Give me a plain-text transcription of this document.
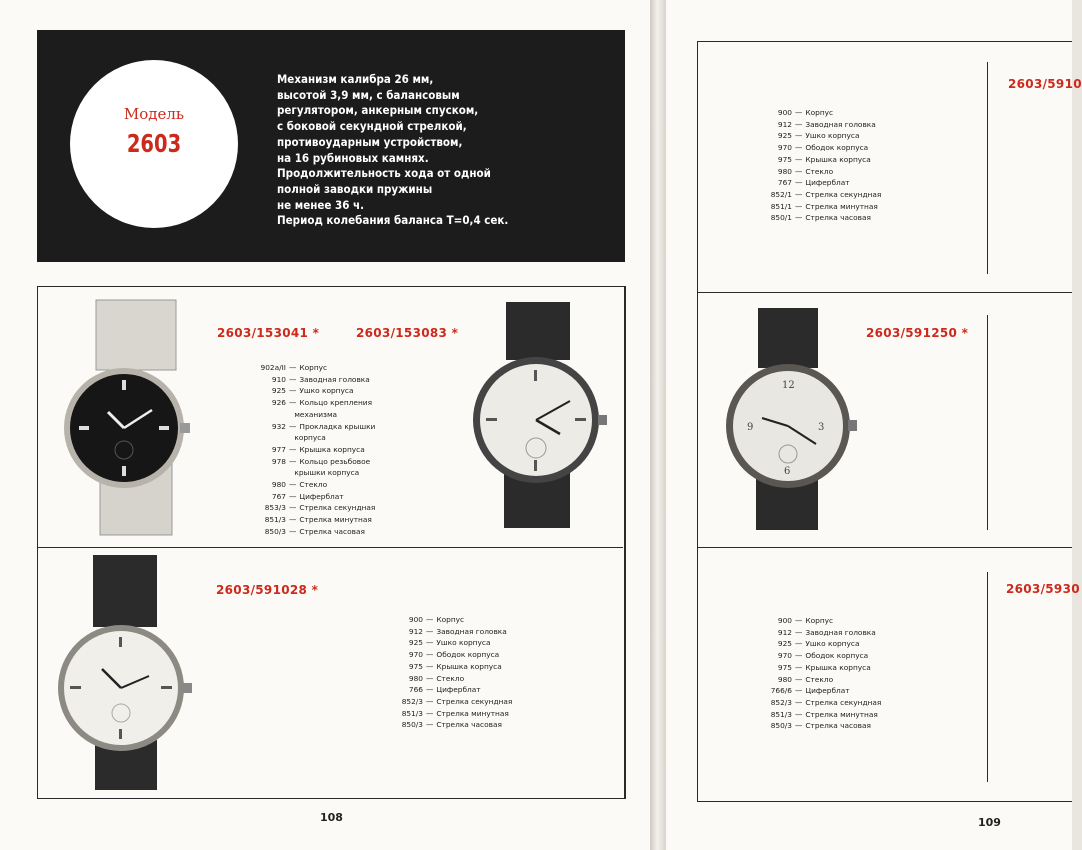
Модель
2603
Механизм калибра 26 мм,
высотой 3,9 мм, с балансовым
регулятором, анкерным спуском,
с боковой секундной стрелкой,
противоударным устройством,
на 16 рубиновых камнях.
Продолжительность хода от одной
полной заводки пружины
не менее 36 ч.
Период колебания баланса T=0,4 сек.
2603/153041 *	2603/153083 *
902а/II — Корпус
910 — Заводная головка
925 — Ушко корпуса
926 — Кольцо крепления

механизма
932 — Прокладка крышки

корпуса
977 — Крышка корпуса
978 — Кольцо резьбовое

крышки корпуса
980 — Стекло
767 — Циферблат
853/3 — Стрелка секундная
851/3 — Стрелка минутная
850/3 — Стрелка часовая
2603/591028 *
900 — Корпус
912 — Заводная головка
925 — Ушко корпуса
970 — Ободок корпуса
975 — Крышка корпуса
980 — Стекло
766 — Циферблат
852/3 — Стрелка секундная
851/3 — Стрелка минутная
850/3 — Стрелка часовая
108
2603/5910
900 — Корпус
912 — Заводная головка
925 — Ушко корпуса
970 — Ободок корпуса
975 — Крышка корпуса
980 — Стекло
767 — Циферблат
852/1 — Стрелка секундная
851/1 — Стрелка минутная
850/1 — Стрелка часовая
12
3
6
9
2603/591250 *
2603/5930
900 — Корпус
912 — Заводная головка
925 — Ушко корпуса
970 — Ободок корпуса
975 — Крышка корпуса
980 — Стекло
766/6 — Циферблат
852/3 — Стрелка секундная
851/3 — Стрелка минутная
850/3 — Стрелка часовая
109
